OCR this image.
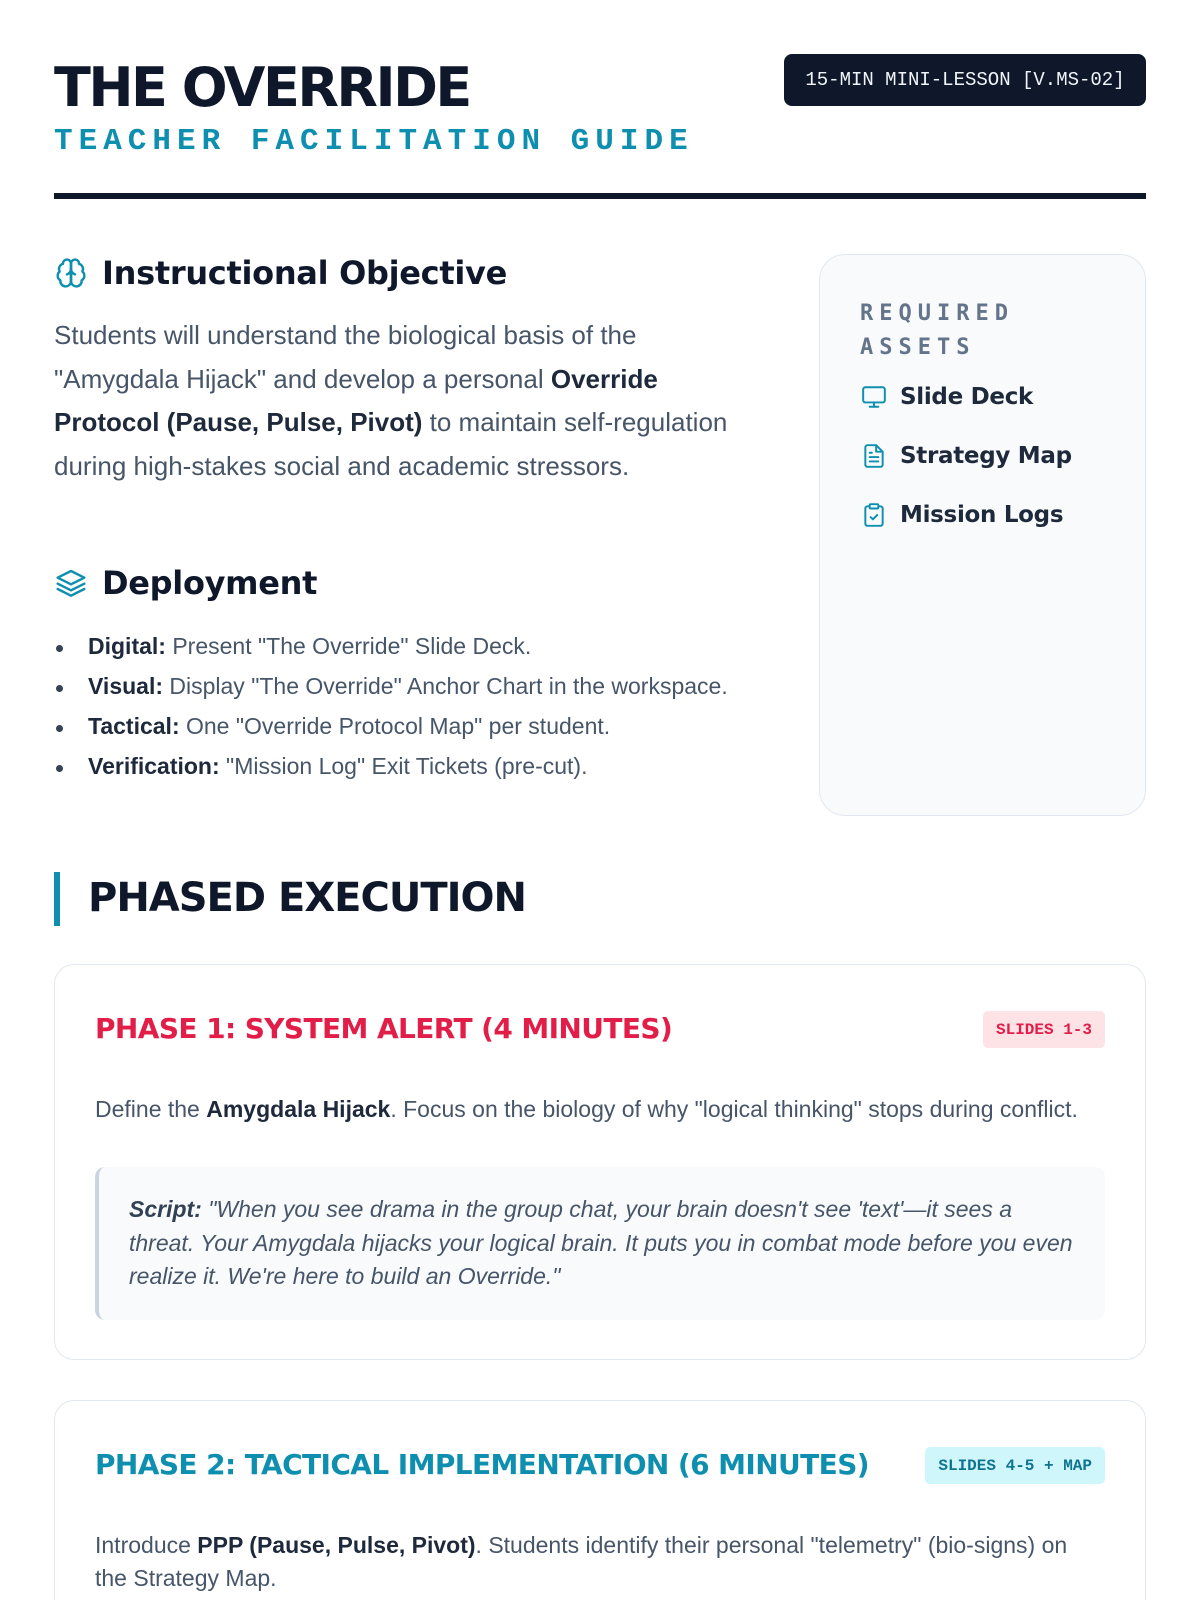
THE OVERRIDE
TEACHER FACILITATION GUIDE
15-MIN MINI-LESSON [V.MS-02]
Instructional Objective

Students will understand the biological basis of the "Amygdala Hijack" and develop a personal Override Protocol (Pause, Pulse, Pivot) to maintain self-regulation during high-stakes social and academic stressors.

Deployment
Digital: Present "The Override" Slide Deck.
Visual: Display "The Override" Anchor Chart in the workspace.
Tactical: One "Override Protocol Map" per student.
Verification: "Mission Log" Exit Tickets (pre-cut).
REQUIRED ASSETS
Slide Deck
Strategy Map
Mission Logs
PHASED EXECUTION
PHASE 1: SYSTEM ALERT (4 MINUTES)	SLIDES 1-3

Define the Amygdala Hijack. Focus on the biology of why "logical thinking" stops during conflict.

Script: "When you see drama in the group chat, your brain doesn't see 'text'—it sees a threat. Your Amygdala hijacks your logical brain. It puts you in combat mode before you even realize it. We're here to build an Override."
PHASE 2: TACTICAL IMPLEMENTATION (6 MINUTES)	SLIDES 4-5 + MAP

Introduce PPP (Pause, Pulse, Pivot). Students identify their personal "telemetry" (bio-signs) on the Strategy Map.
